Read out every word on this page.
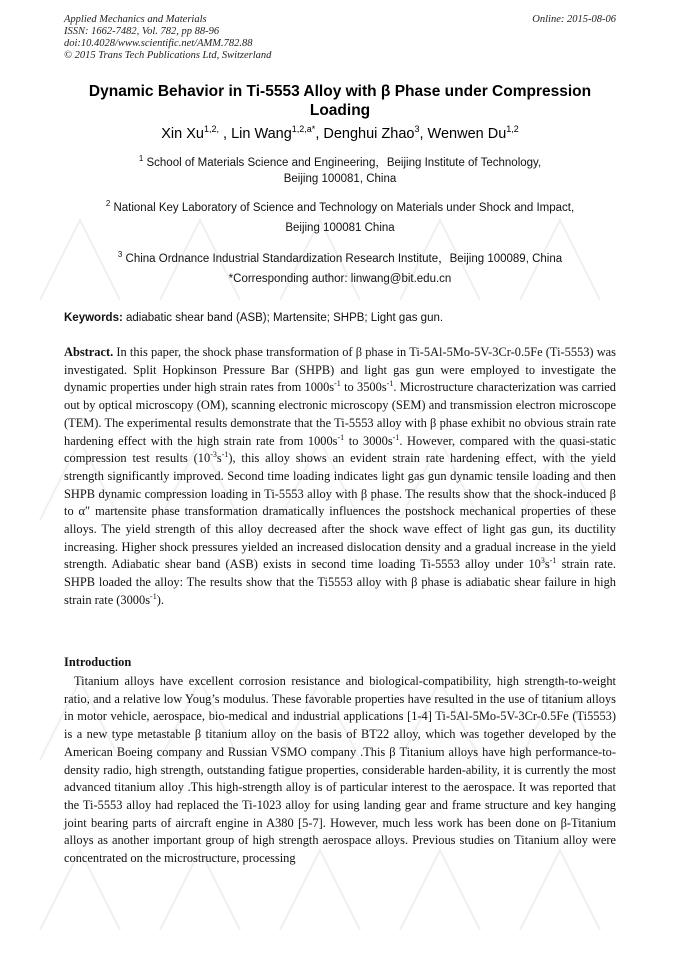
Applied Mechanics and Materials
ISSN: 1662-7482, Vol. 782, pp 88-96
doi:10.4028/www.scientific.net/AMM.782.88
© 2015 Trans Tech Publications Ltd, Switzerland
Online: 2015-08-06
Dynamic Behavior in Ti-5553 Alloy with β Phase under Compression Loading
Xin $Xu^{1,2,}$ , Lin Wang$^{1,2,a*}$, Denghui Zhao$^3$, Wenwen Du$^{1,2}$
$^1$ School of Materials Science and Engineering，Beijing Institute of Technology,
Beijing 100081, China
$^2$ National Key Laboratory of Science and Technology on Materials under Shock and Impact,
Beijing 100081 China
$^3$ China Ordnance Industrial Standardization Research Institute，Beijing 100089, China
*Corresponding author: linwang@bit.edu.cn
Keywords: adiabatic shear band (ASB); Martensite; SHPB; Light gas gun.

Abstract. In this paper, the shock phase transformation of β phase in Ti-5Al-5Mo-5V-3Cr-0.5Fe (Ti-5553) was investigated. Split Hopkinson Pressure Bar (SHPB) and light gas gun were employed to investigate the dynamic properties under high strain rates from $1000s^{-1}$ to $3500s^{-1}$. Microstructure characterization was carried out by optical microscopy (OM), scanning electronic microscopy (SEM) and transmission electron microscope (TEM). The experimental results demonstrate that the Ti-5553 alloy with β phase exhibit no obvious strain rate hardening effect with the high strain rate from $1000s^{-1}$ to $3000s^{-1}$. However, compared with the quasi-static compression test results $(10^{-3}s^{-1})$, this alloy shows an evident strain rate hardening effect, with the yield strength significantly improved. Second time loading indicates light gas gun dynamic tensile loading and then SHPB dynamic compression loading in Ti-5553 alloy with β phase. The results show that the shock-induced β to α″ martensite phase transformation dramatically influences the postshock mechanical properties of these alloys. The yield strength of this alloy decreased after the shock wave effect of light gas gun, its ductility increasing. Higher shock pressures yielded an increased dislocation density and a gradual increase in the yield strength. Adiabatic shear band (ASB) exists in second time loading Ti-5553 alloy under $10^3s^{-1}$ strain rate. SHPB loaded the alloy: The results show that the Ti5553 alloy with β phase is adiabatic shear failure in high strain rate $(3000s^{-1})$.

Introduction

Titanium alloys have excellent corrosion resistance and biological-compatibility, high strength-to-weight ratio, and a relative low Youg’s modulus. These favorable properties have resulted in the use of titanium alloys in motor vehicle, aerospace, bio-medical and industrial applications [1-4] Ti-5Al-5Mo-5V-3Cr-0.5Fe (Ti5553) is a new type metastable β titanium alloy on the basis of BT22 alloy, which was together developed by the American Boeing company and Russian VSMO company .This β Titanium alloys have high performance-to-density radio, high strength, outstanding fatigue properties, considerable harden-ability, it is currently the most advanced titanium alloy .This high-strength alloy is of particular interest to the aerospace. It was reported that the Ti-5553 alloy had replaced the Ti-1023 alloy for using landing gear and frame structure and key hanging joint bearing parts of aircraft engine in A380 [5-7]. However, much less work has been done on β-Titanium alloys as another important group of high strength aerospace alloys. Previous studies on Titanium alloy were concentrated on the microstructure, processing
